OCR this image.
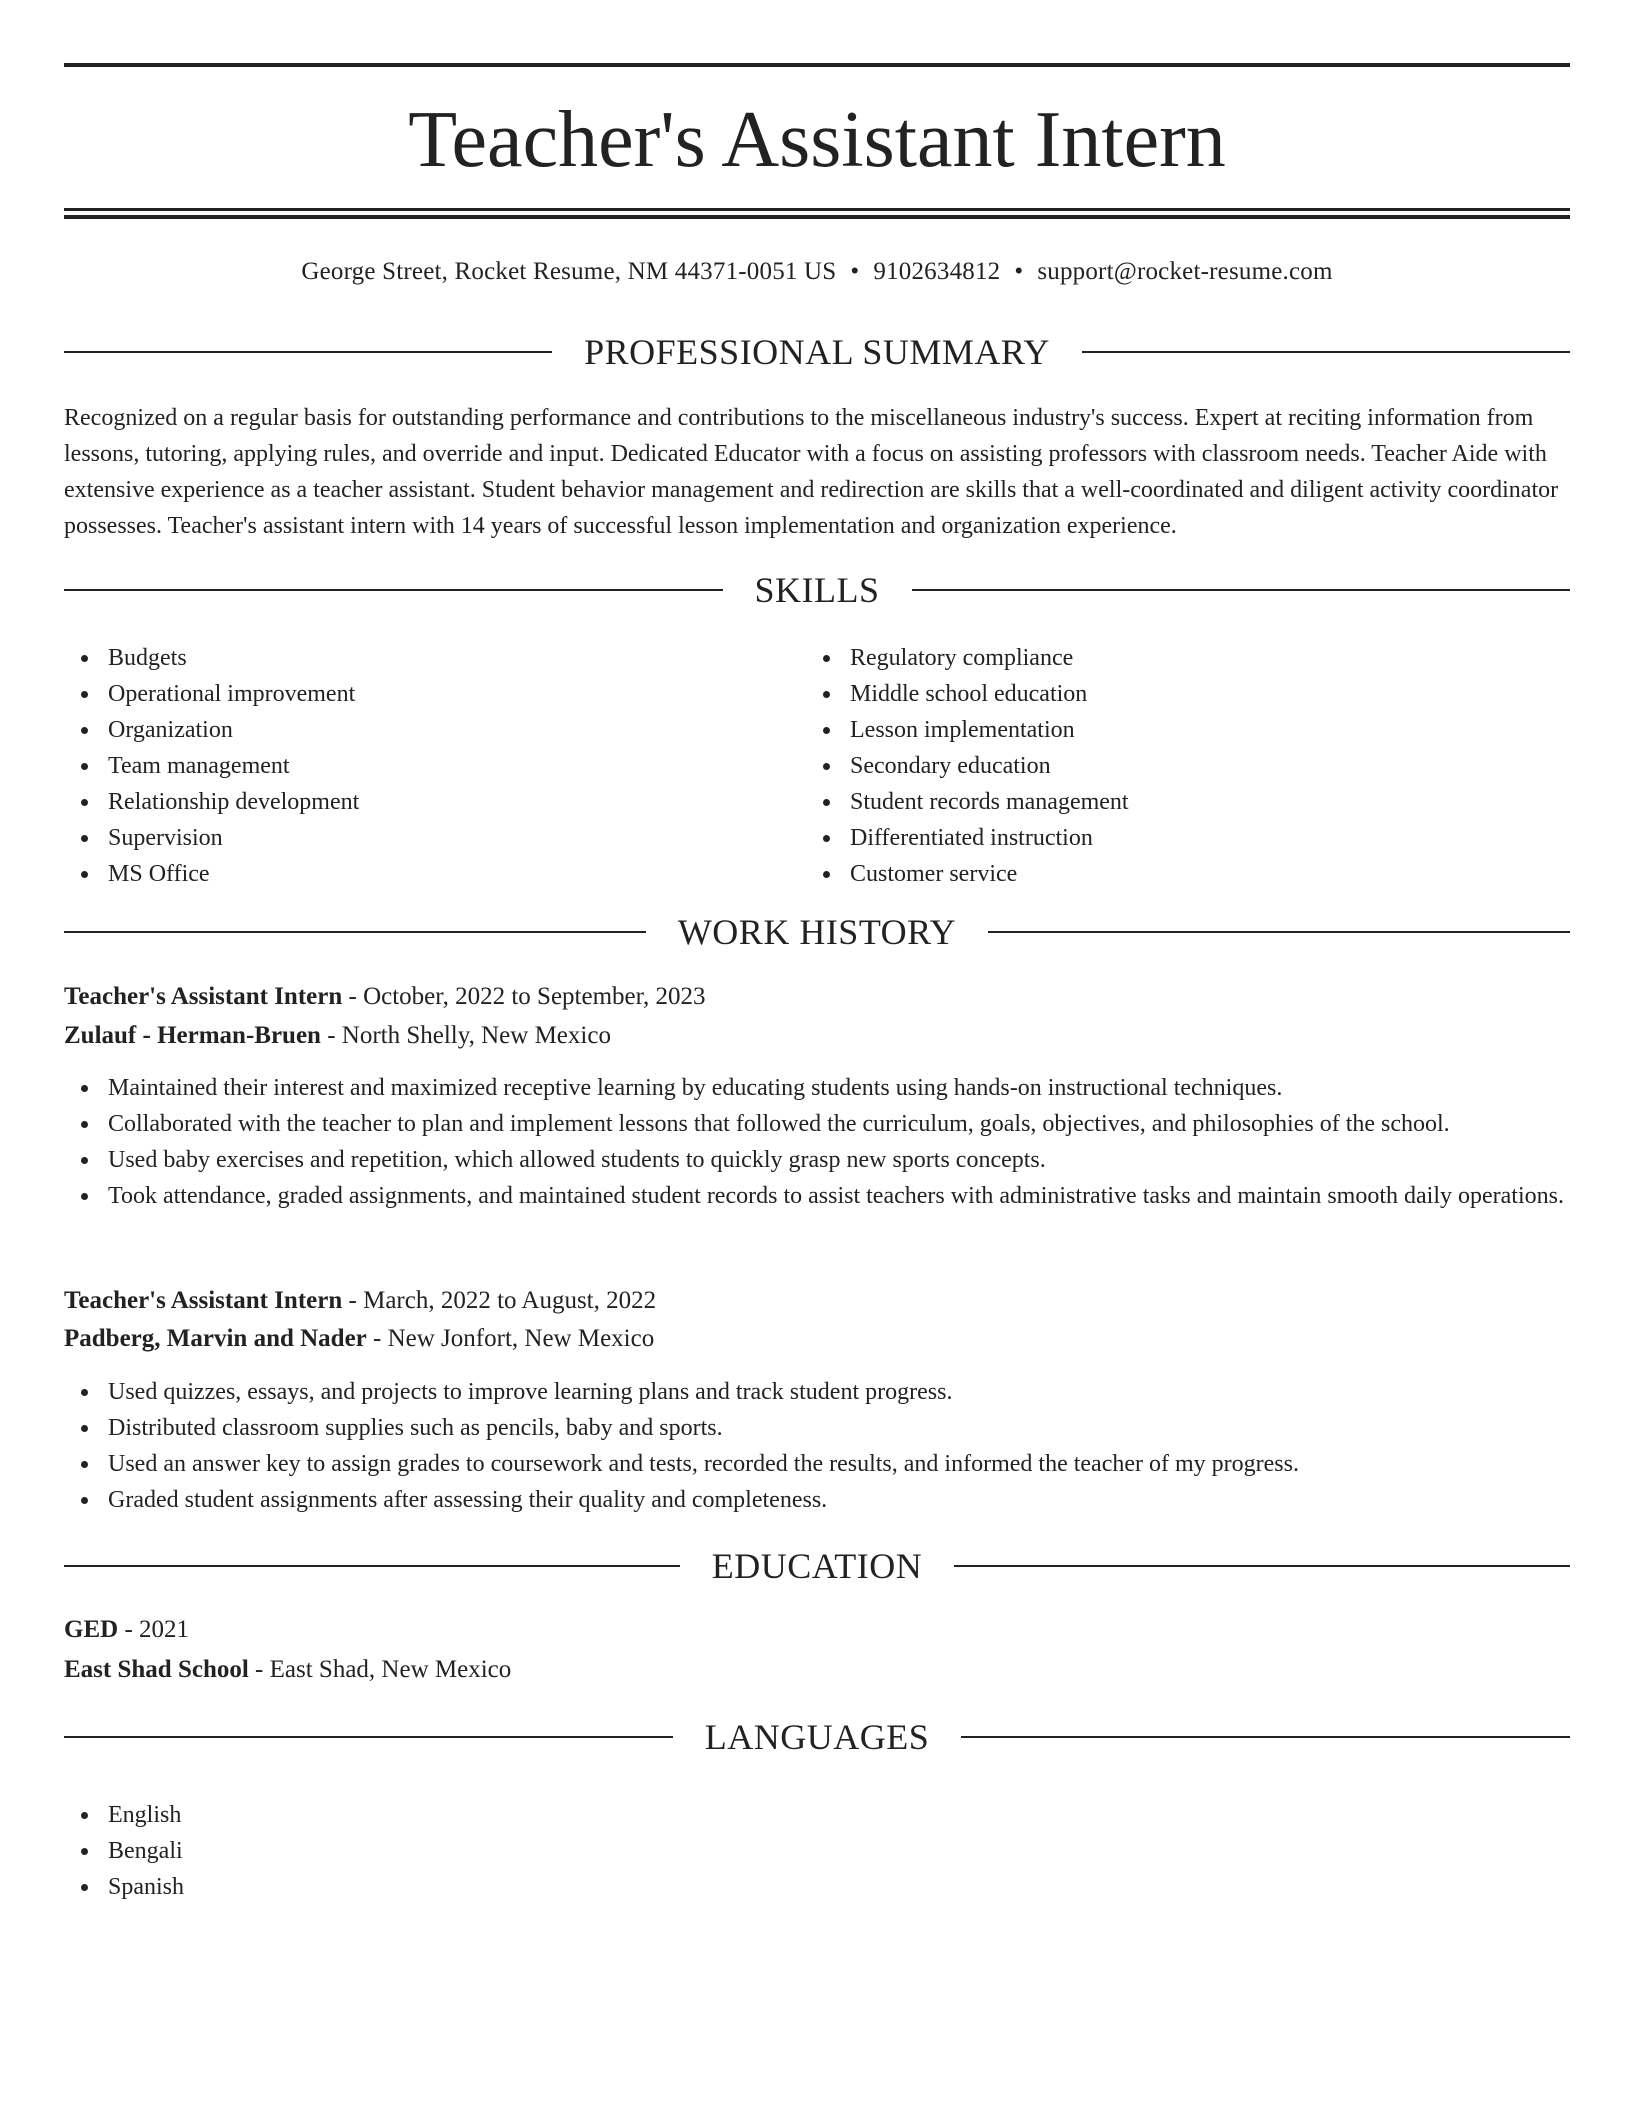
Teacher's Assistant Intern
George Street, Rocket Resume, NM 44371-0051 US • 9102634812 • support@rocket-resume.com
PROFESSIONAL SUMMARY

Recognized on a regular basis for outstanding performance and contributions to the miscellaneous industry's success. Expert at reciting information from lessons, tutoring, applying rules, and override and input. Dedicated Educator with a focus on assisting professors with classroom needs. Teacher Aide with extensive experience as a teacher assistant. Student behavior management and redirection are skills that a well-coordinated and diligent activity coordinator possesses. Teacher's assistant intern with 14 years of successful lesson implementation and organization experience.

SKILLS
Budgets
Operational improvement
Organization
Team management
Relationship development
Supervision
MS Office
Regulatory compliance
Middle school education
Lesson implementation
Secondary education
Student records management
Differentiated instruction
Customer service
WORK HISTORY
Teacher's Assistant Intern - October, 2022 to September, 2023
Zulauf - Herman-Bruen - North Shelly, New Mexico
Maintained their interest and maximized receptive learning by educating students using hands-on instructional techniques.
Collaborated with the teacher to plan and implement lessons that followed the curriculum, goals, objectives, and philosophies of the school.
Used baby exercises and repetition, which allowed students to quickly grasp new sports concepts.
Took attendance, graded assignments, and maintained student records to assist teachers with administrative tasks and maintain smooth daily operations.
Teacher's Assistant Intern - March, 2022 to August, 2022
Padberg, Marvin and Nader - New Jonfort, New Mexico
Used quizzes, essays, and projects to improve learning plans and track student progress.
Distributed classroom supplies such as pencils, baby and sports.
Used an answer key to assign grades to coursework and tests, recorded the results, and informed the teacher of my progress.
Graded student assignments after assessing their quality and completeness.
EDUCATION
GED - 2021
East Shad School - East Shad, New Mexico
LANGUAGES
English
Bengali
Spanish
